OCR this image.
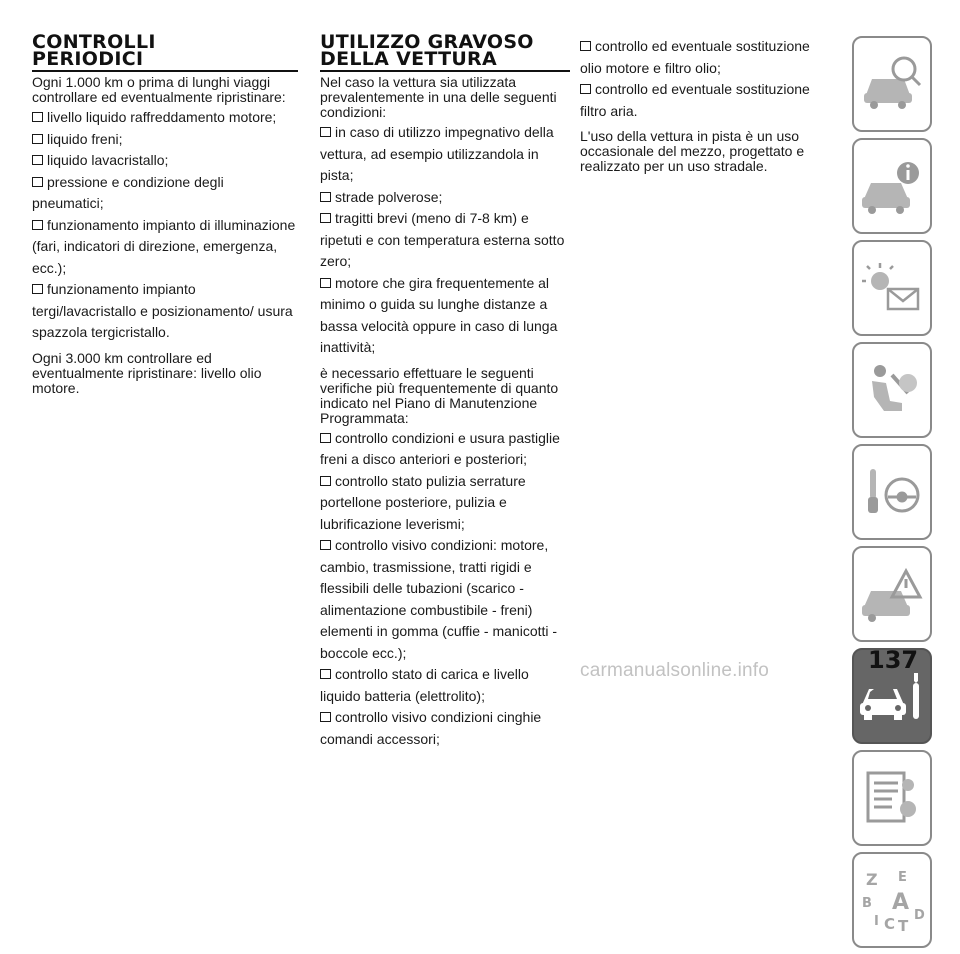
CONTROLLI
PERIODICI

Ogni 1.000 km o prima di lunghi viaggi controllare ed eventualmente ripristinare:

livello liquido raffreddamento motore;
liquido freni;
liquido lavacristallo;
pressione e condizione degli pneumatici;
funzionamento impianto di illuminazione (fari, indicatori di direzione, emergenza, ecc.);
funzionamento impianto tergi/lavacristallo e posizionamento/ usura spazzola tergicristallo.

Ogni 3.000 km controllare ed eventualmente ripristinare: livello olio motore.

UTILIZZO GRAVOSO
DELLA VETTURA

Nel caso la vettura sia utilizzata prevalentemente in una delle seguenti condizioni:

in caso di utilizzo impegnativo della vettura, ad esempio utilizzandola in pista;
strade polverose;
tragitti brevi (meno di 7-8 km) e ripetuti e con temperatura esterna sotto zero;
motore che gira frequentemente al minimo o guida su lunghe distanze a bassa velocità oppure in caso di lunga inattività;

è necessario effettuare le seguenti verifiche più frequentemente di quanto indicato nel Piano di Manutenzione Programmata:

controllo condizioni e usura pastiglie freni a disco anteriori e posteriori;
controllo stato pulizia serrature portellone posteriore, pulizia e lubrificazione leverismi;
controllo visivo condizioni: motore, cambio, trasmissione, tratti rigidi e flessibili delle tubazioni (scarico - alimentazione combustibile - freni) elementi in gomma (cuffie - manicotti - boccole ecc.);
controllo stato di carica e livello liquido batteria (elettrolito);
controllo visivo condizioni cinghie comandi accessori;
controllo ed eventuale sostituzione olio motore e filtro olio;
controllo ed eventuale sostituzione filtro aria.

L'uso della vettura in pista è un uso occasionale del mezzo, progettato e realizzato per un uso stradale.

Z E
B A
I C T
D
137
carmanualsonline.info
